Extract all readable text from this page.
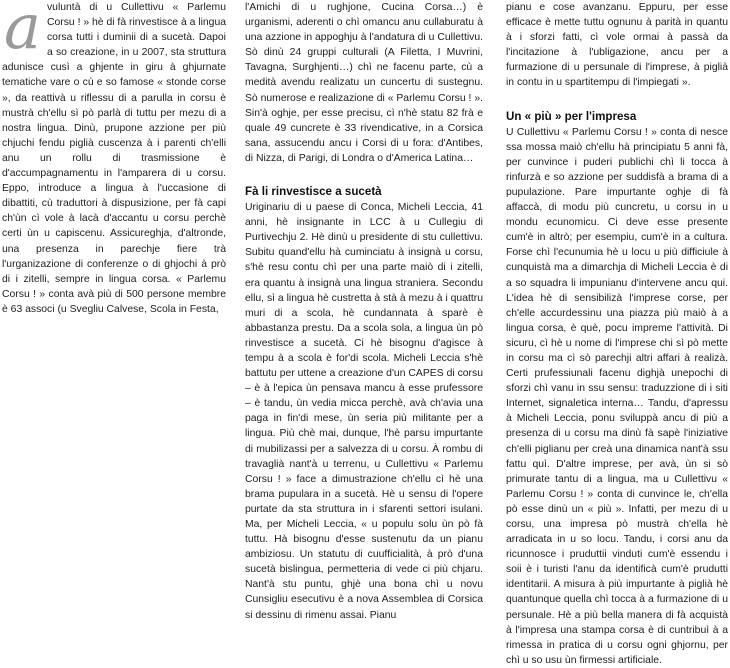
a vuluntà di u Cullettivu « Parlemu Corsu ! » hè di fà rinvestisce à a lingua corsa tutti i duminii di a sucetà. Dapoi a so creazione, in u 2007, sta struttura adunisce cusì a ghjente in giru à ghjurnate tematiche vare o cù e so famose « stonde corse », da reattivà u riflessu di a parulla in corsu è mustrà ch'ellu sì pò parlà di tuttu per mezu di a nostra lingua. Dinù, prupone azzione per più chjuchi fendu piglià cuscenza à i parenti ch'elli anu un rollu di trasmissione è d'accumpagnamentu in l'amparera di u corsu. Eppo, introduce a lingua à l'uccasione di dibattiti, cù traduttori à dispusizione, per fà capi ch'ùn cì vole à lacà d'accantu u corsu perchè certi ùn u capiscenu. Assicureghja, d'altronde, una presenza in parechje fiere trà l'urganizazione di conferenze o di ghjochi à prò di i zitelli, sempre in lingua corsa. « Parlemu Corsu ! » conta avà più di 500 persone membre è 63 associ (u Svegliu Calvese, Scola in Festa,

l'Amichi di u rughjone, Cucina Corsa…) è urganismi, aderenti o chì omancu anu cullaburatu à una azzione in appoghju à l'andatura di u Cullettivu. Sò dinù 24 gruppi culturali (A Filetta, I Muvrini, Tavagna, Surghjenti…) chì ne facenu parte, cù a medità avendu realizatu un cuncertu di sustegnu. Sò numerose e realizazione di « Parlemu Corsu ! ». Sin'à oghje, per esse precisu, cì n'hè statu 82 frà e quale 49 cuncrete è 33 rivendicative, in a Corsica sana, assucendu ancu i Corsi di u fora: d'Antibes, di Nizza, di Parigi, di Londra o d'America Latina…

Fà li rinvestisce a sucetà

Uriginariu di u paese di Conca, Micheli Leccia, 41 anni, hè insignante in LCC à u Cullegiu di Purtivechju 2. Hè dinù u presidente di stu cullettivu. Subitu quand'ellu hà cuminciatu à insignà u corsu, s'hè resu contu chì per una parte maiò di i zitelli, era quantu à insignà una lingua straniera. Secondu ellu, sì a lingua hè custretta à stà à mezu à i quattru muri di a scola, hè cundannata à sparè è abbastanza prestu. Da a scola sola, a lingua ùn pò rinvestisce a sucetà. Ci hè bisognu d'agisce à tempu à a scola è for'di scola. Micheli Leccia s'hè battutu per uttene a creazione d'un CAPES di corsu – è à l'epica ùn pensava mancu à esse prufessore – è tandu, ùn vedia micca perchè, avà ch'avia una paga in fin'di mese, ùn seria più militante per a lingua. Più chè mai, dunque, l'hè parsu impurtante di mubilizassi per a salvezza di u corsu. À rombu di travaglià nant'à u terrenu, u Cullettivu « Parlemu Corsu ! » face a dimustrazione ch'ellu cì hè una brama pupulara in a sucetà. Hè u sensu di l'opere purtate da sta struttura in i sfarenti settori isulani. Ma, per Micheli Leccia, « u populu solu ùn pò fà tuttu. Hà bisognu d'esse sustenutu da un pianu ambiziosu. Un statutu di cuufficialità, à prò d'una sucetà bislingua, permetteria di vede ci più chjaru. Nant'à stu puntu, ghjè una bona chì u novu Cunsigliu esecutivu è a nova Assemblea di Corsica si dessinu di rimenu assai. Pianu

pianu e cose avanzanu. Eppuru, per esse efficace è mette tuttu ognunu à parità in quantu à i sforzi fatti, cì vole ormai à passà da l'incitazione à l'ubligazione, ancu per a furmazione di u persunale di l'imprese, à piglià in contu in u spartitempu di l'impiegati ».

Un « più » per l'impresa

U Cullettivu « Parlemu Corsu ! » conta di nesce ssa mossa maiò ch'ellu hà principiatu 5 anni fà, per cunvince i puderi publichi chì li tocca à rinfurzà e so azzione per suddisfà a brama di a pupulazione. Pare impurtante oghje di fà affaccà, di modu più cuncretu, u corsu in u mondu ecunomicu. Ci deve esse presente cum'è in altrò; per esempiu, cum'è in a cultura. Forse chì l'ecunumia hè u locu u più difficiule à cunquistà ma a dimarchja di Micheli Leccia è di a so squadra li impunianu d'intervene ancu qui. L'idea hè di sensibilizà l'imprese corse, per ch'elle accurdessinu una piazza più maiò à a lingua corsa, è què, pocu impreme l'attività. Di sicuru, cì hè u nome di l'imprese chi sì pò mette in corsu ma cì sò parechji altri affari à realizà. Certi prufessiunali facenu dighjà unepochi di sforzi chì vanu in ssu sensu: traduzzione di i siti Internet, signaletica interna… Tandu, d'apressu à Micheli Leccia, ponu sviluppà ancu di più a presenza di u corsu ma dinù fà sapè l'iniziative ch'elli piglianu per creà una dinamica nant'à ssu fattu quì. D'altre imprese, per avà, ùn si sò primurate tantu di a lingua, ma u Cullettivu « Parlemu Corsu ! » conta di cunvince le, ch'ella pò esse dinù un « più ». Infatti, per mezu di u corsu, una impresa pò mustrà ch'ella hè arradicata in u so locu. Tandu, i corsi anu da ricunnosce i pruduttii vinduti cum'è essendu i soii è i turisti l'anu da identificà cum'è prudutti identitarii. A misura à più impurtante à piglià hè quantunque quella chì tocca à a furmazione di u persunale. Hè a più bella manera di fà acquistà à l'impresa una stampa corsa è di cuntribuì à a rimessa in pratica di u corsu ogni ghjornu, per chì u so usu ùn firmessi artificiale.
